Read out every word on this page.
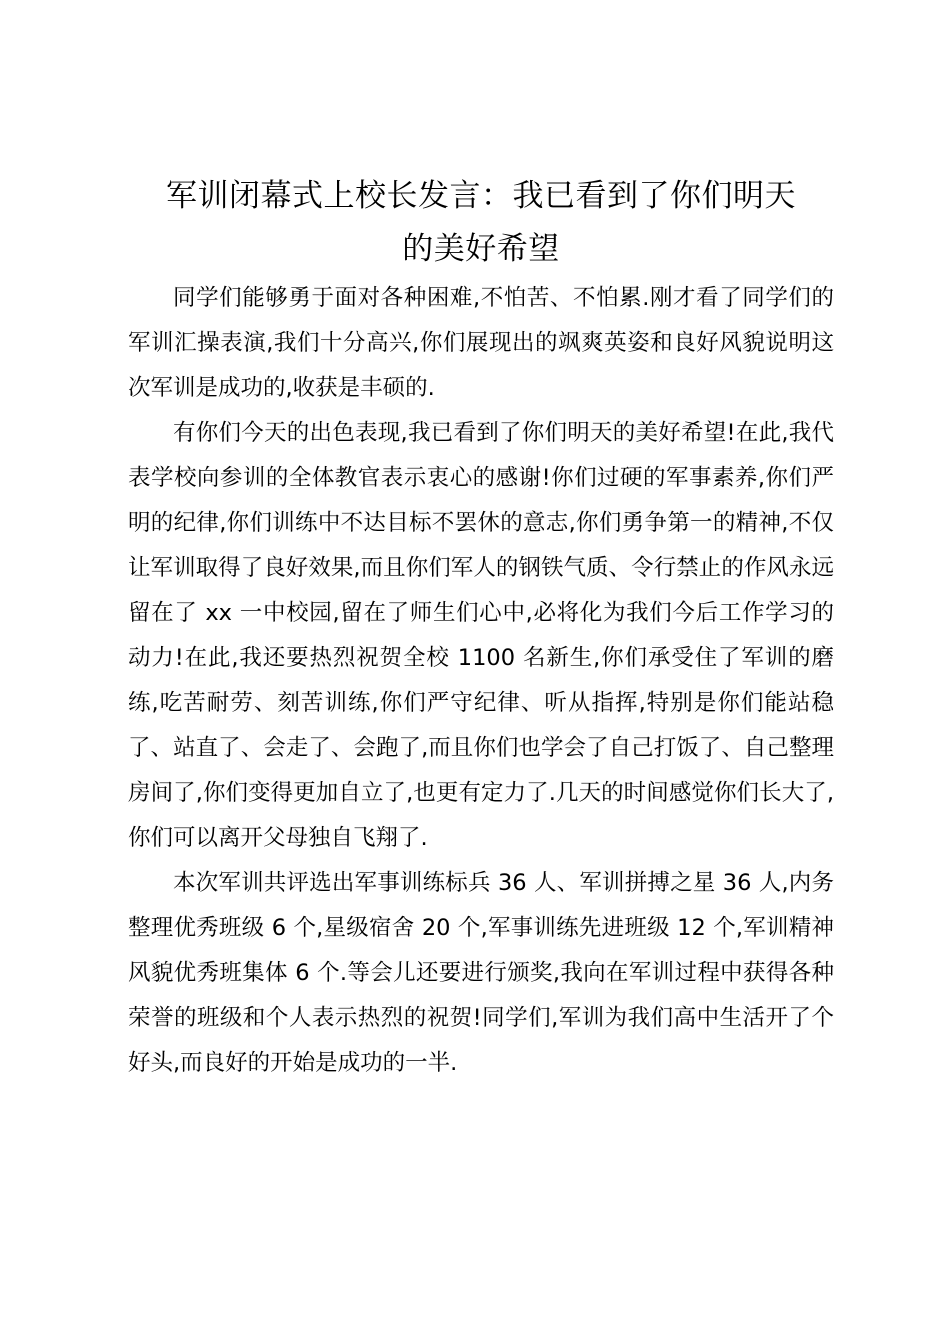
军训闭幕式上校长发言：我已看到了你们明天
的美好希望

同学们能够勇于面对各种困难,不怕苦、不怕累.刚才看了同学们的军训汇操表演,我们十分高兴,你们展现出的飒爽英姿和良好风貌说明这次军训是成功的,收获是丰硕的.

有你们今天的出色表现,我已看到了你们明天的美好希望!在此,我代表学校向参训的全体教官表示衷心的感谢!你们过硬的军事素养,你们严明的纪律,你们训练中不达目标不罢休的意志,你们勇争第一的精神,不仅让军训取得了良好效果,而且你们军人的钢铁气质、令行禁止的作风永远留在了 xx 一中校园,留在了师生们心中,必将化为我们今后工作学习的动力!在此,我还要热烈祝贺全校 1100 名新生,你们承受住了军训的磨练,吃苦耐劳、刻苦训练,你们严守纪律、听从指挥,特别是你们能站稳了、站直了、会走了、会跑了,而且你们也学会了自己打饭了、自己整理房间了,你们变得更加自立了,也更有定力了.几天的时间感觉你们长大了,你们可以离开父母独自飞翔了.

本次军训共评选出军事训练标兵 36 人、军训拼搏之星 36 人,内务整理优秀班级 6 个,星级宿舍 20 个,军事训练先进班级 12 个,军训精神风貌优秀班集体 6 个.等会儿还要进行颁奖,我向在军训过程中获得各种荣誉的班级和个人表示热烈的祝贺!同学们,军训为我们高中生活开了个好头,而良好的开始是成功的一半.
